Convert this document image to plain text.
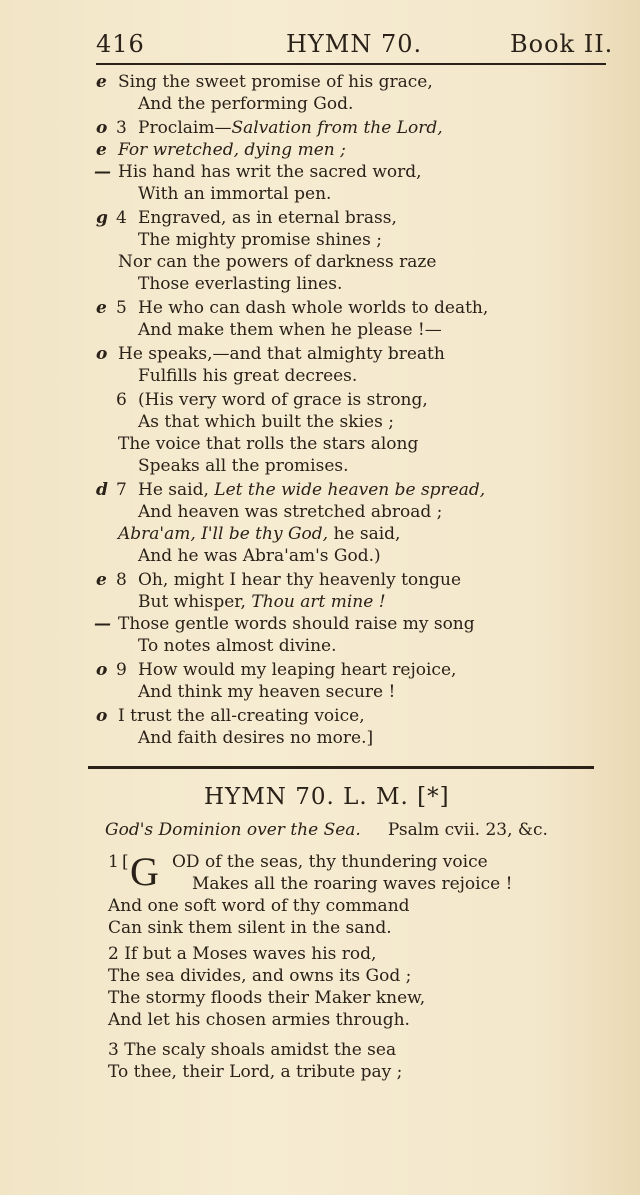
416	HYMN 70.	Book II.
e Sing the sweet promise of his grace,
And the performing God.
o 3 Proclaim—Salvation from the Lord,
e For wretched, dying men ;
— His hand has writ the sacred word,
With an immortal pen.
g 4 Engraved, as in eternal brass,
The mighty promise shines ;
Nor can the powers of darkness raze
Those everlasting lines.
e 5 He who can dash whole worlds to death,
And make them when he please !—
o He speaks,—and that almighty breath
Fulfills his great decrees.
6 (His very word of grace is strong,
As that which built the skies ;
The voice that rolls the stars along
Speaks all the promises.
d 7 He said, Let the wide heaven be spread,
And heaven was stretched abroad ;
Abra'am, I'll be thy God, he said,
And he was Abra'am's God.)
e 8 Oh, might I hear thy heavenly tongue
But whisper, Thou art mine !
— Those gentle words should raise my song
To notes almost divine.
o 9 How would my leaping heart rejoice,
And think my heaven secure !
o I trust the all-creating voice,
And faith desires no more.]
HYMN 70. L. M. [*]
God's Dominion over the Sea. Psalm cvii. 23, &c.
1 [ G OD of the seas, thy thundering voice
Makes all the roaring waves rejoice !
And one soft word of thy command
Can sink them silent in the sand.
2 If but a Moses waves his rod,
The sea divides, and owns its God ;
The stormy floods their Maker knew,
And let his chosen armies through.
3 The scaly shoals amidst the sea
To thee, their Lord, a tribute pay ;
